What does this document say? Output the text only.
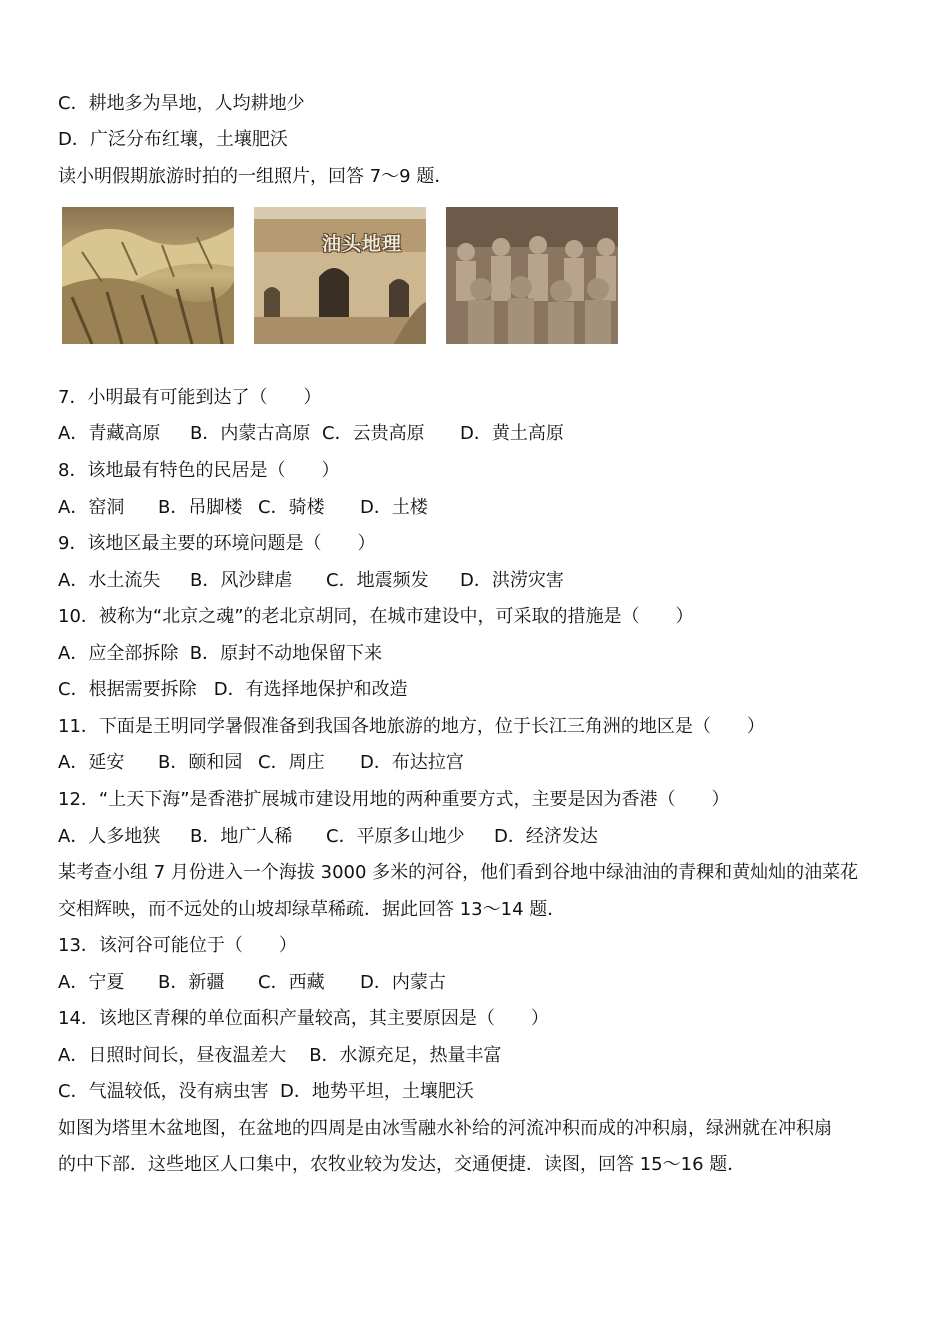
C．耕地多为旱地，人均耕地少
D．广泛分布红壤，土壤肥沃
读小明假期旅游时拍的一组照片，回答 7～9 题．
油头地理
7．小明最有可能到达了（　　）
A．青藏高原 B．内蒙古高原 C．云贵高原 D．黄土高原
8．该地最有特色的民居是（　　）
A．窑洞 B．吊脚楼 C．骑楼 D．土楼
9．该地区最主要的环境问题是（　　）
A．水土流失 B．风沙肆虐 C．地震频发 D．洪涝灾害
10．被称为“北京之魂”的老北京胡同，在城市建设中，可采取的措施是（　　）
A．应全部拆除  B．原封不动地保留下来
C．根据需要拆除   D．有选择地保护和改造
11．下面是王明同学暑假准备到我国各地旅游的地方，位于长江三角洲的地区是（　　）
A．延安 B．颐和园 C．周庄 D．布达拉宫
12．“上天下海”是香港扩展城市建设用地的两种重要方式，主要是因为香港（　　）
A．人多地狭 B．地广人稀 C．平原多山地少 D．经济发达
某考查小组 7 月份进入一个海拔 3000 多米的河谷，他们看到谷地中绿油油的青稞和黄灿灿的油菜花
交相辉映，而不远处的山坡却绿草稀疏．据此回答 13～14 题．
13．该河谷可能位于（　　）
A．宁夏 B．新疆 C．西藏 D．内蒙古
14．该地区青稞的单位面积产量较高，其主要原因是（　　）
A．日照时间长，昼夜温差大    B．水源充足，热量丰富
C．气温较低，没有病虫害  D．地势平坦，土壤肥沃
如图为塔里木盆地图，在盆地的四周是由冰雪融水补给的河流冲积而成的冲积扇，绿洲就在冲积扇
的中下部．这些地区人口集中，农牧业较为发达，交通便捷．读图，回答 15～16 题．
